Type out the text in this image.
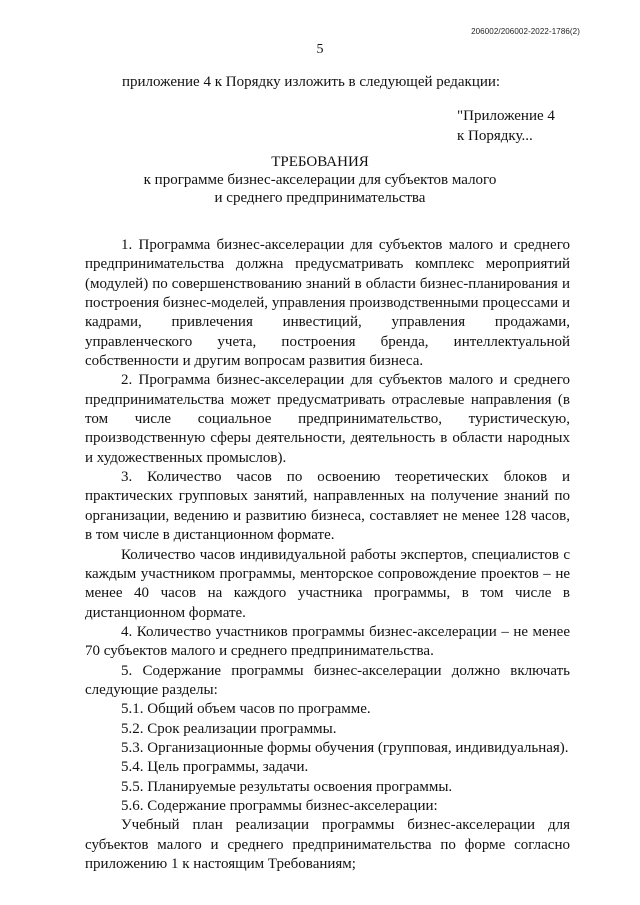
206002/206002-2022-1786(2)
5
приложение 4 к Порядку изложить в следующей редакции:
"Приложение 4
к Порядку...
ТРЕБОВАНИЯ
к программе бизнес-акселерации для субъектов малого
и среднего предпринимательства

1. Программа бизнес-акселерации для субъектов малого и среднего предпринимательства должна предусматривать комплекс мероприятий (модулей) по совершенствованию знаний в области бизнес-планирования и построения бизнес-моделей, управления производственными процессами и кадрами, привлечения инвестиций, управления продажами, управленческого учета, построения бренда, интеллектуальной собственности и другим вопросам развития бизнеса.

2. Программа бизнес-акселерации для субъектов малого и среднего предпринимательства может предусматривать отраслевые направления (в том числе социальное предпринимательство, туристическую, производственную сферы деятельности, деятельность в области народных и художественных промыслов).

3. Количество часов по освоению теоретических блоков и практических групповых занятий, направленных на получение знаний по организации, ведению и развитию бизнеса, составляет не менее 128 часов, в том числе в дистанционном формате.

Количество часов индивидуальной работы экспертов, специалистов с каждым участником программы, менторское сопровождение проектов – не менее 40 часов на каждого участника программы, в том числе в дистанционном формате.

4. Количество участников программы бизнес-акселерации – не менее 70 субъектов малого и среднего предпринимательства.

5. Содержание программы бизнес-акселерации должно включать следующие разделы:

5.1. Общий объем часов по программе.

5.2. Срок реализации программы.

5.3. Организационные формы обучения (групповая, индивидуальная).

5.4. Цель программы, задачи.

5.5. Планируемые результаты освоения программы.

5.6. Содержание программы бизнес-акселерации:

Учебный план реализации программы бизнес-акселерации для субъектов малого и среднего предпринимательства по форме согласно приложению 1 к настоящим Требованиям;
